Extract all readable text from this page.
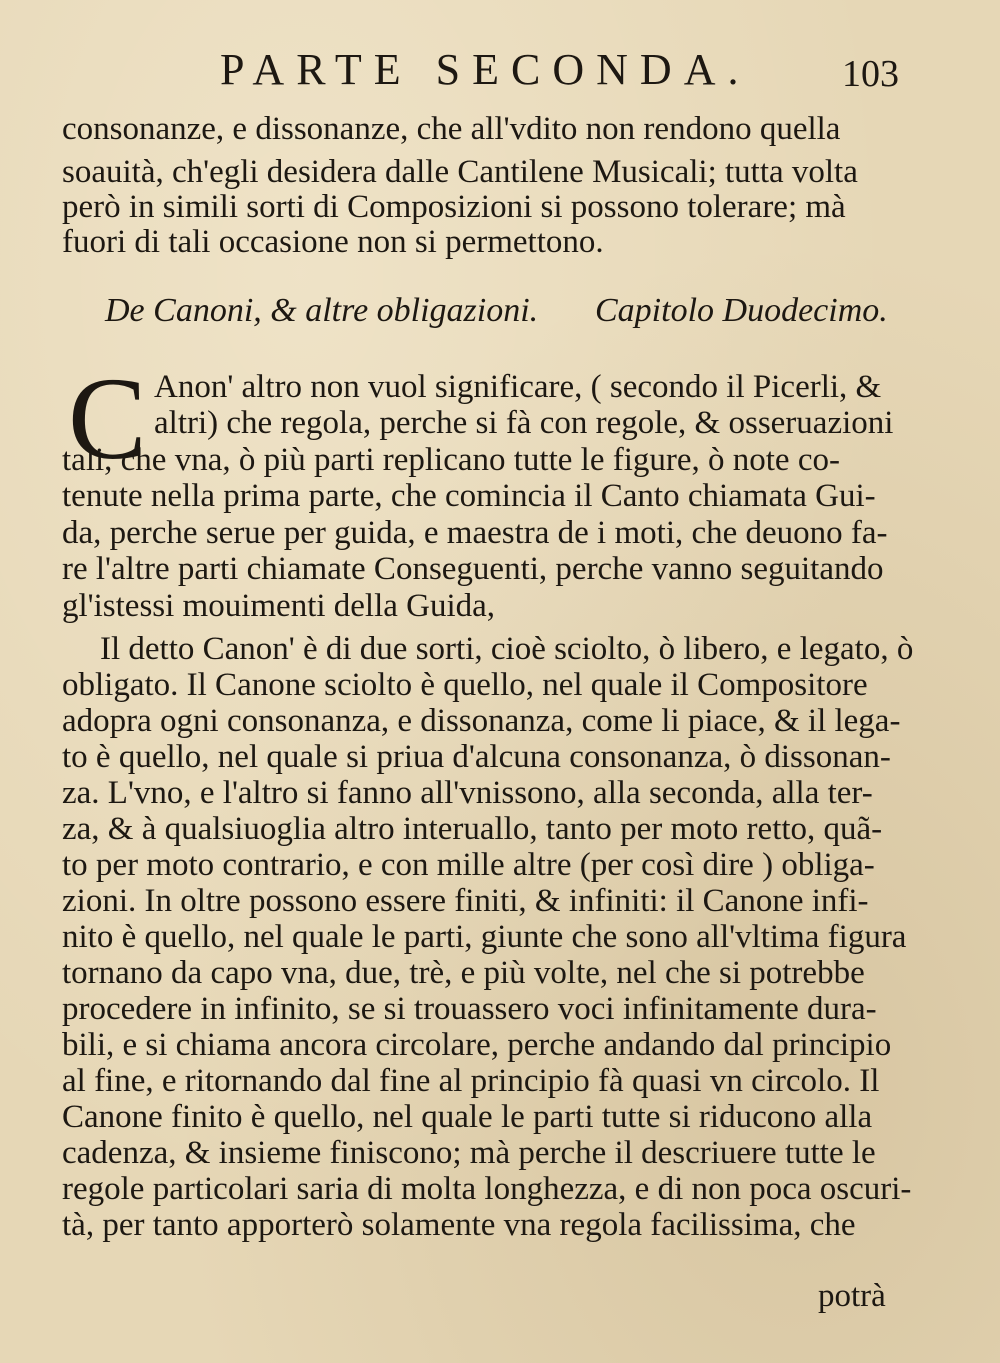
PARTE SECONDA. 103
consonanze, e dissonanze, che all'vdito non rendono quella
soauità, ch'egli desidera dalle Cantilene Musicali; tutta volta
però in simili sorti di Composizioni si possono tolerare; mà
fuori di tali occasione non si permettono.
De Canoni, & altre obligazioni. Capitolo Duodecimo.
C Anon' altro non vuol significare, ( secondo il Picerli, &
altri) che regola, perche si fà con regole, & osseruazioni
tali, che vna, ò più parti replicano tutte le figure, ò note co-
tenute nella prima parte, che comincia il Canto chiamata Gui-
da, perche serue per guida, e maestra de i moti, che deuono fa-
re l'altre parti chiamate Conseguenti, perche vanno seguitando
gl'istessi mouimenti della Guida,
Il detto Canon' è di due sorti, cioè sciolto, ò libero, e legato, ò
obligato. Il Canone sciolto è quello, nel quale il Compositore
adopra ogni consonanza, e dissonanza, come li piace, & il lega-
to è quello, nel quale si priua d'alcuna consonanza, ò dissonan-
za. L'vno, e l'altro si fanno all'vnissono, alla seconda, alla ter-
za, & à qualsiuoglia altro interuallo, tanto per moto retto, quã-
to per moto contrario, e con mille altre (per così dire ) obliga-
zioni. In oltre possono essere finiti, & infiniti: il Canone infi-
nito è quello, nel quale le parti, giunte che sono all'vltima figura
tornano da capo vna, due, trè, e più volte, nel che si potrebbe
procedere in infinito, se si trouassero voci infinitamente dura-
bili, e si chiama ancora circolare, perche andando dal principio
al fine, e ritornando dal fine al principio fà quasi vn circolo. Il
Canone finito è quello, nel quale le parti tutte si riducono alla
cadenza, & insieme finiscono; mà perche il descriuere tutte le
regole particolari saria di molta longhezza, e di non poca oscuri-
tà, per tanto apporterò solamente vna regola facilissima, che
potrà
